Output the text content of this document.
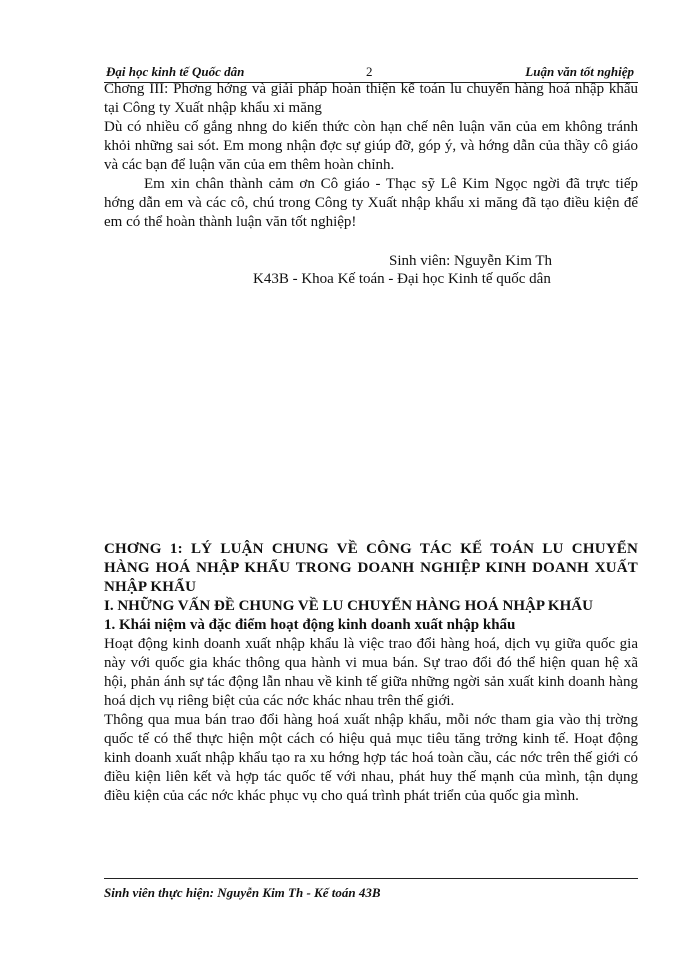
Đại học kinh tế Quốc dân	2	Luận văn tốt nghiệp

Chơng III: Phơng hớng và giải pháp hoàn thiện kế toán lu chuyển hàng hoá nhập khẩu tại Công ty Xuất nhập khẩu xi măng

Dù có nhiều cố gắng nhng do kiến thức còn hạn chế nên luận văn của em không tránh khỏi những sai sót. Em mong nhận đợc sự giúp đỡ, góp ý, và hớng dẫn của thầy cô giáo và các bạn để luận văn của em thêm hoàn chỉnh.

Em xin chân thành cảm ơn Cô giáo - Thạc sỹ Lê Kim Ngọc ngời đã trực tiếp hớng dẫn em và các cô, chú trong Công ty Xuất nhập khẩu xi măng đã tạo điều kiện để em có thể hoàn thành luận văn tốt nghiệp!

Sinh viên: Nguyễn Kim Th
K43B - Khoa Kế toán - Đại học Kinh tế quốc dân

CHƠNG 1: LÝ LUẬN CHUNG VỀ CÔNG TÁC KẾ TOÁN LU CHUYỂN HÀNG HOÁ NHẬP KHẨU TRONG DOANH NGHIỆP KINH DOANH XUẤT NHẬP KHẨU

I. NHỮNG VẤN ĐỀ CHUNG VỀ LU CHUYỂN HÀNG HOÁ NHẬP KHẨU

1. Khái niệm và đặc điểm hoạt động kinh doanh xuất nhập khẩu

Hoạt động kinh doanh xuất nhập khẩu là việc trao đổi hàng hoá, dịch vụ giữa quốc gia này với quốc gia khác thông qua hành vi mua bán. Sự trao đổi đó thể hiện quan hệ xã hội, phản ánh sự tác động lẫn nhau về kinh tế giữa những ngời sản xuất kinh doanh hàng hoá dịch vụ riêng biệt của các nớc khác nhau trên thế giới.

Thông qua mua bán trao đổi hàng hoá xuất nhập khẩu, mỗi nớc tham gia vào thị trờng quốc tế có thể thực hiện một cách có hiệu quả mục tiêu tăng trởng kinh tế. Hoạt động kinh doanh xuất nhập khẩu tạo ra xu hớng hợp tác hoá toàn cầu, các nớc trên thế giới có điều kiện liên kết và hợp tác quốc tế với nhau, phát huy thế mạnh của mình, tận dụng điều kiện của các nớc khác phục vụ cho quá trình phát triển của quốc gia mình.

Sinh viên thực hiện: Nguyễn Kim Th - Kế toán 43B
